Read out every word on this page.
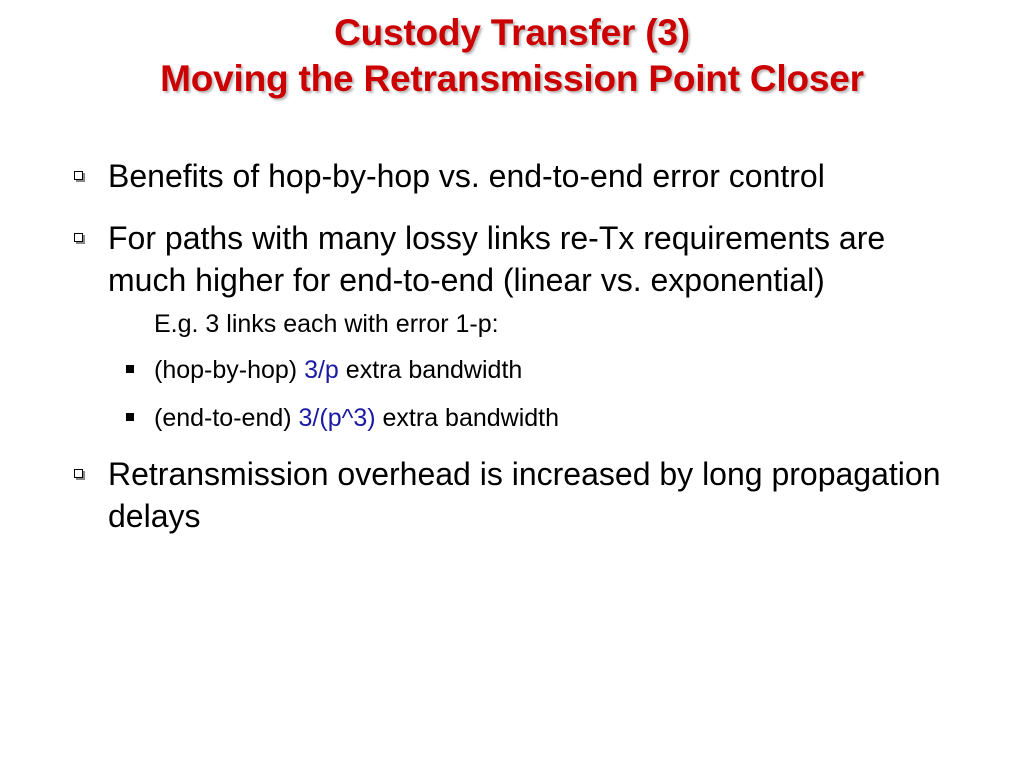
Custody Transfer (3)
Moving the Retransmission Point Closer
Benefits of hop-by-hop vs. end-to-end error control
For paths with many lossy links re-Tx requirements are much higher for end-to-end (linear vs. exponential)
E.g. 3 links each with error 1-p:
(hop-by-hop) 3/p extra bandwidth
(end-to-end) 3/(p^3) extra bandwidth
Retransmission overhead is increased by long propagation delays
